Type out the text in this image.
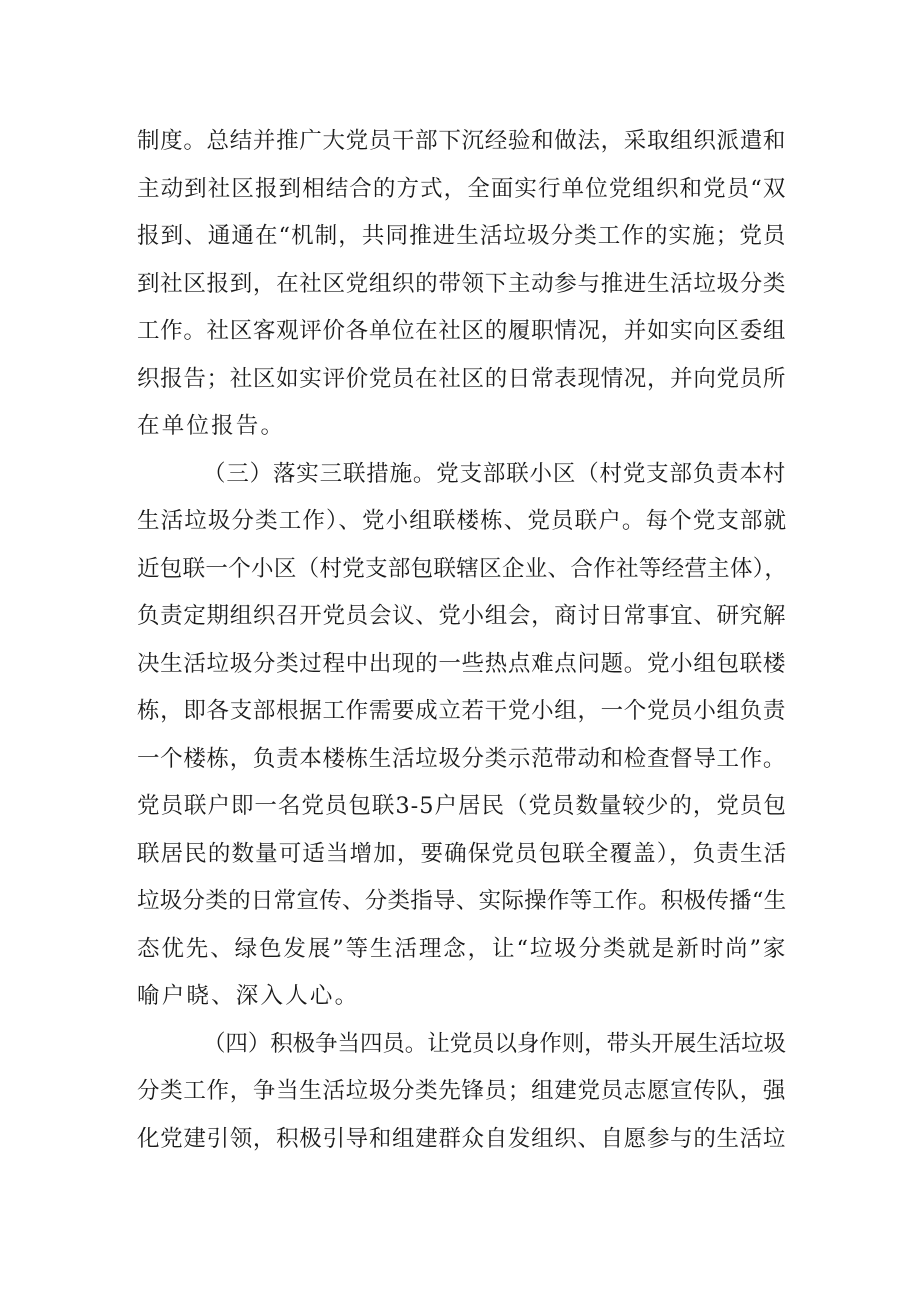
制度。总结并推广大党员干部下沉经验和做法，采取组织派遣和
主动到社区报到相结合的方式，全面实行单位党组织和党员“双
报到、通通在“机制，共同推进生活垃圾分类工作的实施；党员
到社区报到，在社区党组织的带领下主动参与推进生活垃圾分类
工作。社区客观评价各单位在社区的履职情况，并如实向区委组
织报告；社区如实评价党员在社区的日常表现情况，并向党员所
在单位报告。
（三）落实三联措施。党支部联小区（村党支部负责本村
生活垃圾分类工作）、党小组联楼栋、党员联户。每个党支部就
近包联一个小区（村党支部包联辖区企业、合作社等经营主体），
负责定期组织召开党员会议、党小组会，商讨日常事宜、研究解
决生活垃圾分类过程中出现的一些热点难点问题。党小组包联楼
栋，即各支部根据工作需要成立若干党小组，一个党员小组负责
一个楼栋，负责本楼栋生活垃圾分类示范带动和检查督导工作。
党员联户即一名党员包联3-5户居民（党员数量较少的，党员包
联居民的数量可适当增加，要确保党员包联全覆盖），负责生活
垃圾分类的日常宣传、分类指导、实际操作等工作。积极传播“生
态优先、绿色发展”等生活理念，让“垃圾分类就是新时尚”家
喻户晓、深入人心。
（四）积极争当四员。让党员以身作则，带头开展生活垃圾
分类工作，争当生活垃圾分类先锋员；组建党员志愿宣传队，强
化党建引领，积极引导和组建群众自发组织、自愿参与的生活垃
